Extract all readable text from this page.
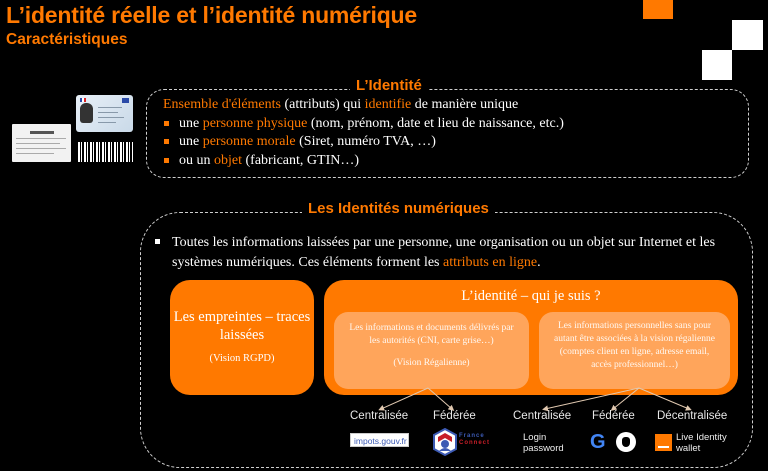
L’identité réelle et l’identité numérique
Caractéristiques
L’Identité
Ensemble d'éléments (attributs) qui identifie de manière unique
une personne physique (nom, prénom, date et lieu de naissance, etc.)
une personne morale (Siret, numéro TVA, …)
ou un objet (fabricant, GTIN…)
Les Identités numériques
Toutes les informations laissées par une personne, une organisation ou un objet sur Internet et les systèmes numériques. Ces éléments forment les attributs en ligne.
Les empreintes – traces laissées
(Vision RGPD)
L’identité – qui je suis ?
Les informations et documents délivrés par les autorités (CNI, carte grise…)
(Vision Régalienne)
Les informations personnelles sans pour autant être associées à la vision régalienne (comptes client en ligne, adresse email, accès professionnel…)
Centralisée Fédérée	Centralisée Fédérée Décentralisée
impots.gouv.fr	France
Connect	Login
password G	Live Identity
wallet
